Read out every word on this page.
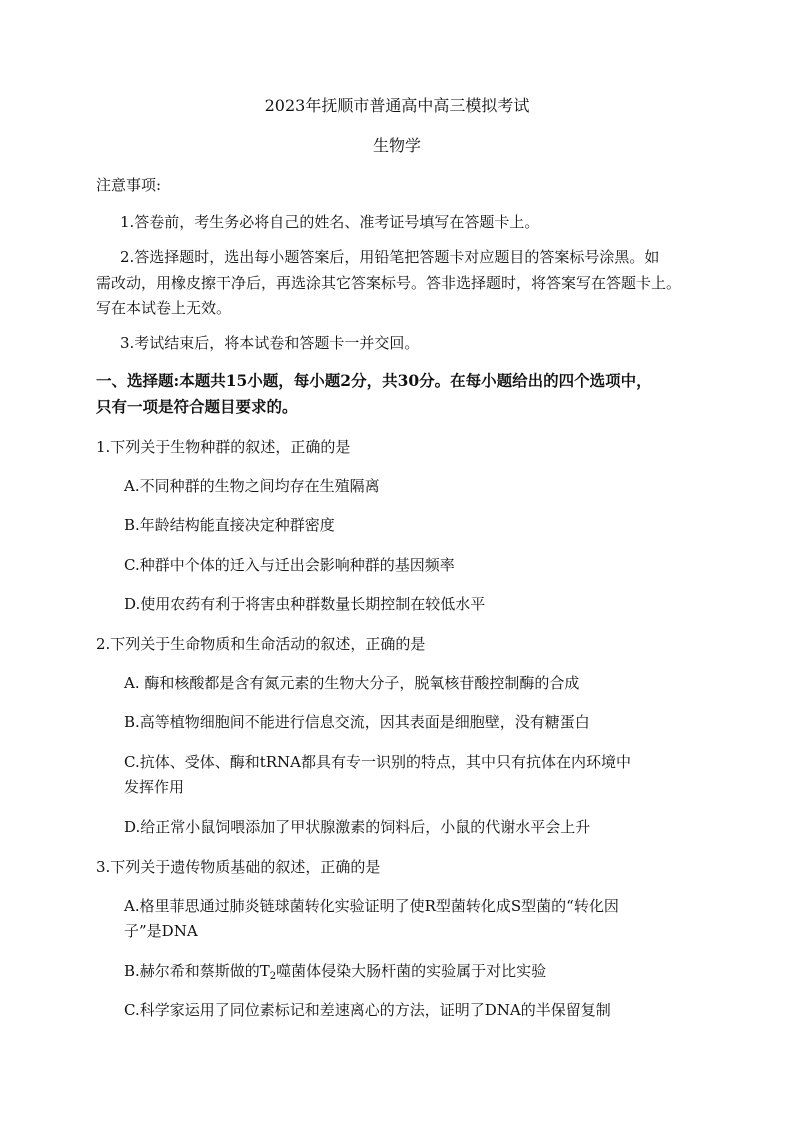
2023年抚顺市普通高中高三模拟考试
生物学
注意事项:
1.答卷前，考生务必将自己的姓名、准考证号填写在答题卡上。
2.答选择题时，选出每小题答案后，用铅笔把答题卡对应题目的答案标号涂黑。如
需改动，用橡皮擦干净后，再选涂其它答案标号。答非选择题时，将答案写在答题卡上。
写在本试卷上无效。
3.考试结束后，将本试卷和答题卡一并交回。
一、选择题:本题共15小题，每小题2分，共30分。在每小题给出的四个选项中，
只有一项是符合题目要求的。
1.下列关于生物种群的叙述，正确的是
A.不同种群的生物之间均存在生殖隔离
B.年龄结构能直接决定种群密度
C.种群中个体的迁入与迁出会影响种群的基因频率
D.使用农药有利于将害虫种群数量长期控制在较低水平
2.下列关于生命物质和生命活动的叙述，正确的是
A. 酶和核酸都是含有氮元素的生物大分子，脱氧核苷酸控制酶的合成
B.高等植物细胞间不能进行信息交流，因其表面是细胞壁，没有糖蛋白
C.抗体、受体、酶和tRNA都具有专一识别的特点，其中只有抗体在内环境中
发挥作用
D.给正常小鼠饲喂添加了甲状腺激素的饲料后，小鼠的代谢水平会上升
3.下列关于遗传物质基础的叙述，正确的是
A.格里菲思通过肺炎链球菌转化实验证明了使R型菌转化成S型菌的“转化因
子”是DNA
B.赫尔希和蔡斯做的$T_2$噬菌体侵染大肠杆菌的实验属于对比实验
C.科学家运用了同位素标记和差速离心的方法，证明了DNA的半保留复制
